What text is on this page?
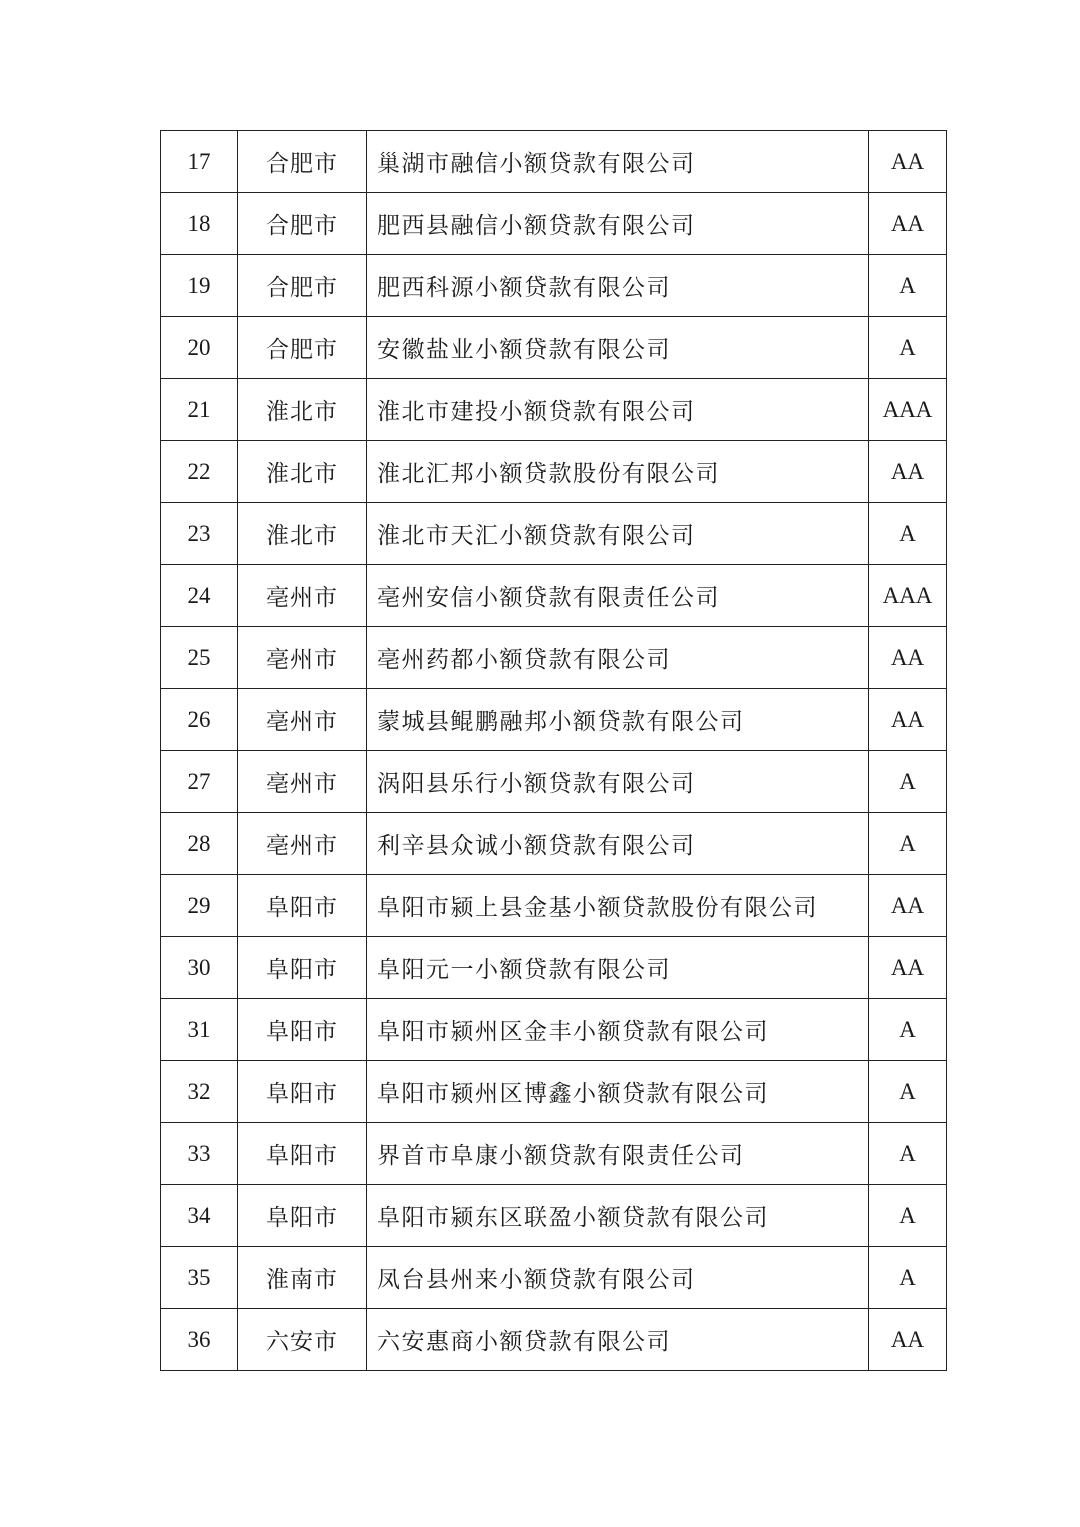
17	合肥市	巢湖市融信小额贷款有限公司	AA
18	合肥市	肥西县融信小额贷款有限公司	AA
19	合肥市	肥西科源小额贷款有限公司	A
20	合肥市	安徽盐业小额贷款有限公司	A
21	淮北市	淮北市建投小额贷款有限公司	AAA
22	淮北市	淮北汇邦小额贷款股份有限公司	AA
23	淮北市	淮北市天汇小额贷款有限公司	A
24	亳州市	亳州安信小额贷款有限责任公司	AAA
25	亳州市	亳州药都小额贷款有限公司	AA
26	亳州市	蒙城县鲲鹏融邦小额贷款有限公司	AA
27	亳州市	涡阳县乐行小额贷款有限公司	A
28	亳州市	利辛县众诚小额贷款有限公司	A
29	阜阳市	阜阳市颍上县金基小额贷款股份有限公司	AA
30	阜阳市	阜阳元一小额贷款有限公司	AA
31	阜阳市	阜阳市颍州区金丰小额贷款有限公司	A
32	阜阳市	阜阳市颍州区博鑫小额贷款有限公司	A
33	阜阳市	界首市阜康小额贷款有限责任公司	A
34	阜阳市	阜阳市颍东区联盈小额贷款有限公司	A
35	淮南市	凤台县州来小额贷款有限公司	A
36	六安市	六安惠商小额贷款有限公司	AA
